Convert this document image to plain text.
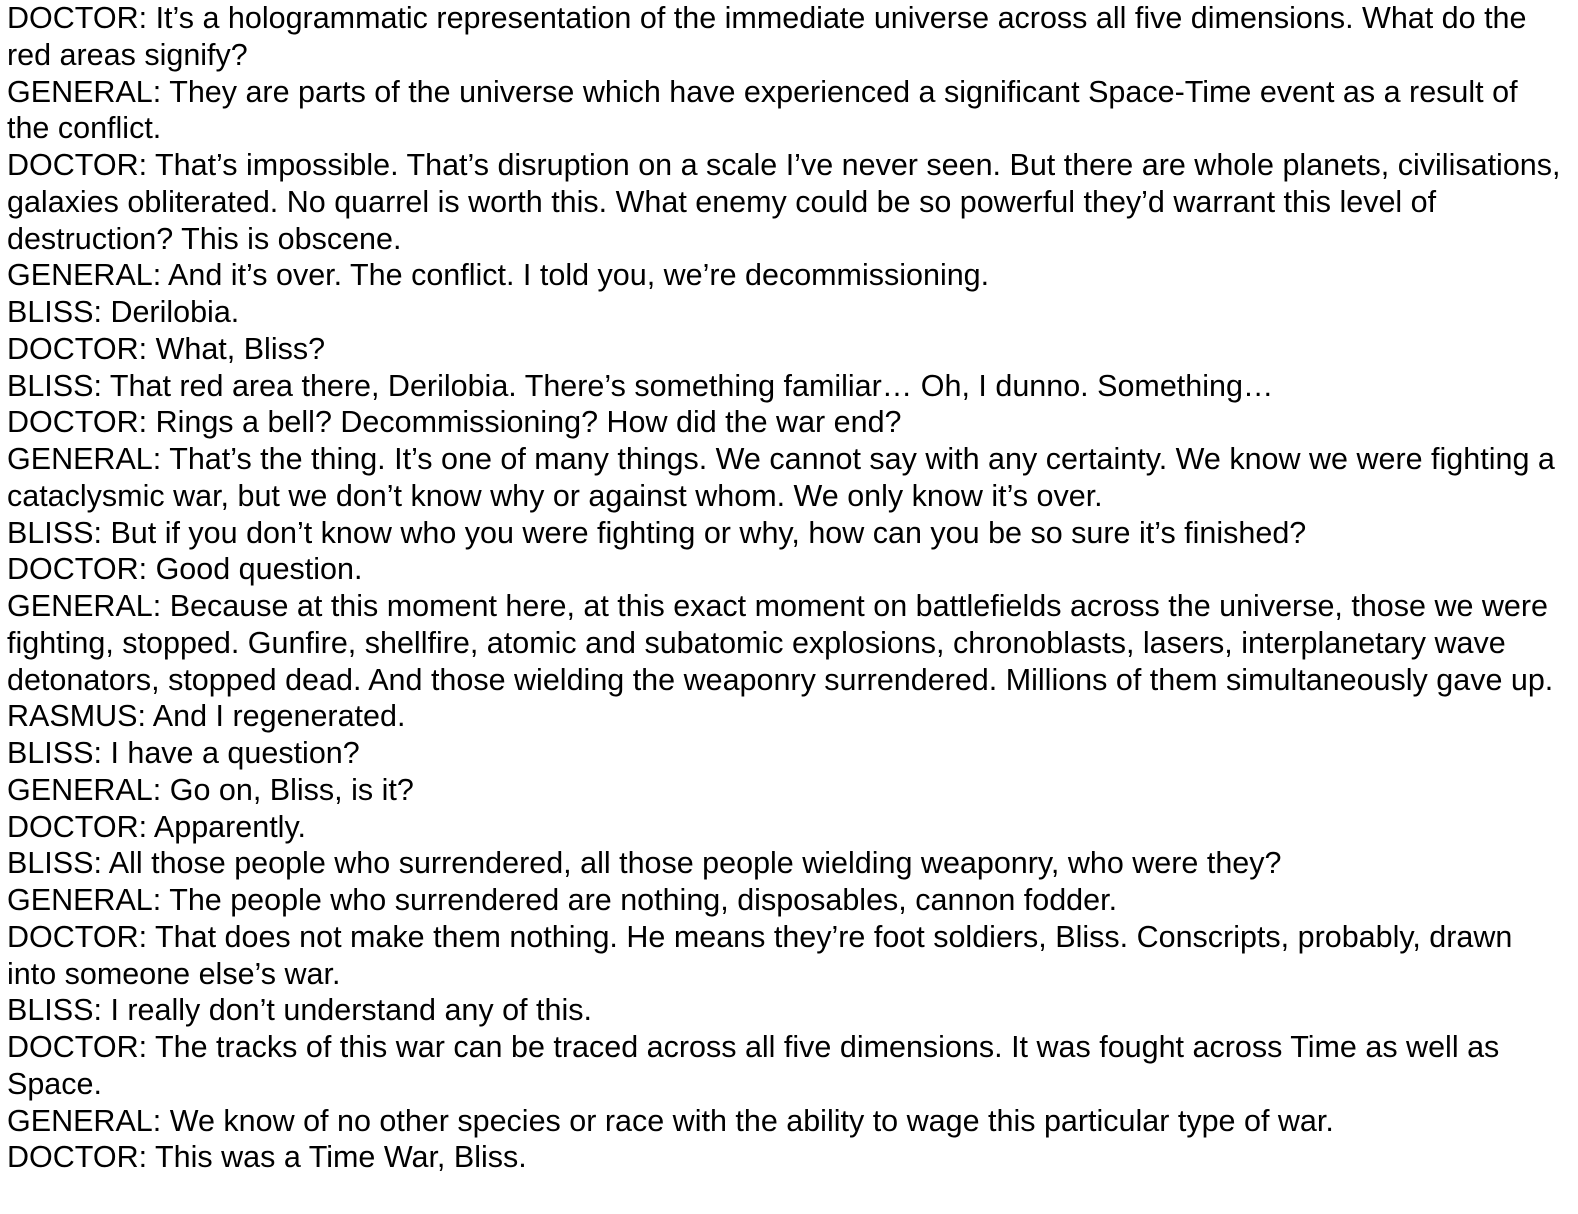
DOCTOR: It’s a hologrammatic representation of the immediate universe across all five dimensions. What do the red areas signify?

GENERAL: They are parts of the universe which have experienced a significant Space-Time event as a result of the conflict.

DOCTOR: That’s impossible. That’s disruption on a scale I’ve never seen. But there are whole planets, civilisations, galaxies obliterated. No quarrel is worth this. What enemy could be so powerful they’d warrant this level of destruction? This is obscene.

GENERAL: And it’s over. The conflict. I told you, we’re decommissioning.

BLISS: Derilobia.

DOCTOR: What, Bliss?

BLISS: That red area there, Derilobia. There’s something familiar… Oh, I dunno. Something…

DOCTOR: Rings a bell? Decommissioning? How did the war end?

GENERAL: That’s the thing. It’s one of many things. We cannot say with any certainty. We know we were fighting a cataclysmic war, but we don’t know why or against whom. We only know it’s over.

BLISS: But if you don’t know who you were fighting or why, how can you be so sure it’s finished?

DOCTOR: Good question.

GENERAL: Because at this moment here, at this exact moment on battlefields across the universe, those we were fighting, stopped. Gunfire, shellfire, atomic and subatomic explosions, chronoblasts, lasers, interplanetary wave detonators, stopped dead. And those wielding the weaponry surrendered. Millions of them simultaneously gave up.

RASMUS: And I regenerated.

BLISS: I have a question?

GENERAL: Go on, Bliss, is it?

DOCTOR: Apparently.

BLISS: All those people who surrendered, all those people wielding weaponry, who were they?

GENERAL: The people who surrendered are nothing, disposables, cannon fodder.

DOCTOR: That does not make them nothing. He means they’re foot soldiers, Bliss. Conscripts, probably, drawn into someone else’s war.

BLISS: I really don’t understand any of this.

DOCTOR: The tracks of this war can be traced across all five dimensions. It was fought across Time as well as Space.

GENERAL: We know of no other species or race with the ability to wage this particular type of war.

DOCTOR: This was a Time War, Bliss.
